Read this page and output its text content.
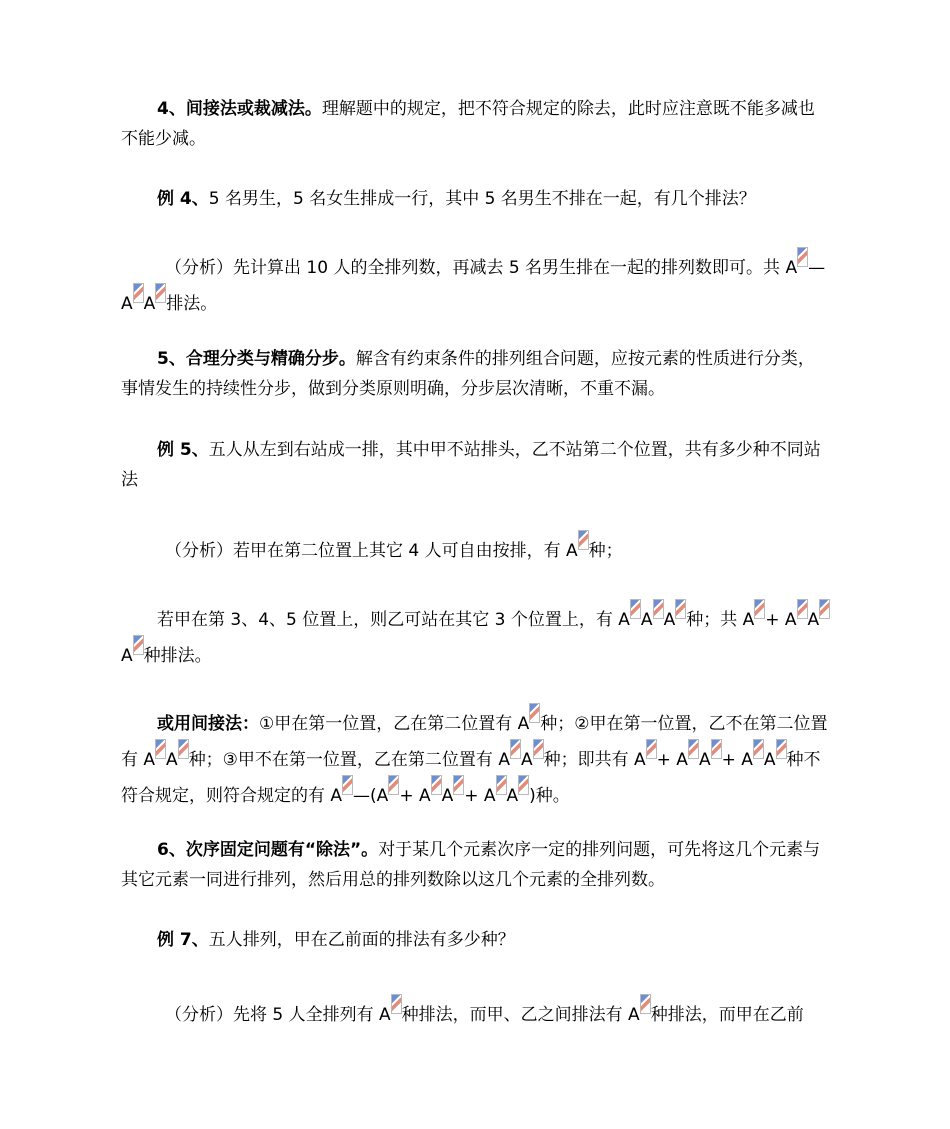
4、间接法或裁减法。理解题中的规定，把不符合规定的除去，此时应注意既不能多减也不能少减。

例 4、5 名男生，5 名女生排成一行，其中 5 名男生不排在一起，有几个排法？

（分析）先计算出 10 人的全排列数，再减去 5 名男生排在一起的排列数即可。共 A —A A 排法。

5、合理分类与精确分步。解含有约束条件的排列组合问题，应按元素的性质进行分类，事情发生的持续性分步，做到分类原则明确，分步层次清晰，不重不漏。

例 5、五人从左到右站成一排，其中甲不站排头，乙不站第二个位置，共有多少种不同站法

（分析）若甲在第二位置上其它 4 人可自由按排，有 A 种；

若甲在第 3、4、5 位置上，则乙可站在其它 3 个位置上，有 A A A 种；共 A + A AA 种排法。

或用间接法：①甲在第一位置，乙在第二位置有 A 种；②甲在第一位置，乙不在第二位置有 A A 种；③甲不在第一位置，乙在第二位置有 A A 种；即共有 A + A A + A A 种不符合规定，则符合规定的有 A —(A + A A + A A )种。

6、次序固定问题有“除法”。对于某几个元素次序一定的排列问题，可先将这几个元素与其它元素一同进行排列，然后用总的排列数除以这几个元素的全排列数。

例 7、五人排列，甲在乙前面的排法有多少种？

（分析）先将 5 人全排列有 A 种排法，而甲、乙之间排法有 A 种排法，而甲在乙前
